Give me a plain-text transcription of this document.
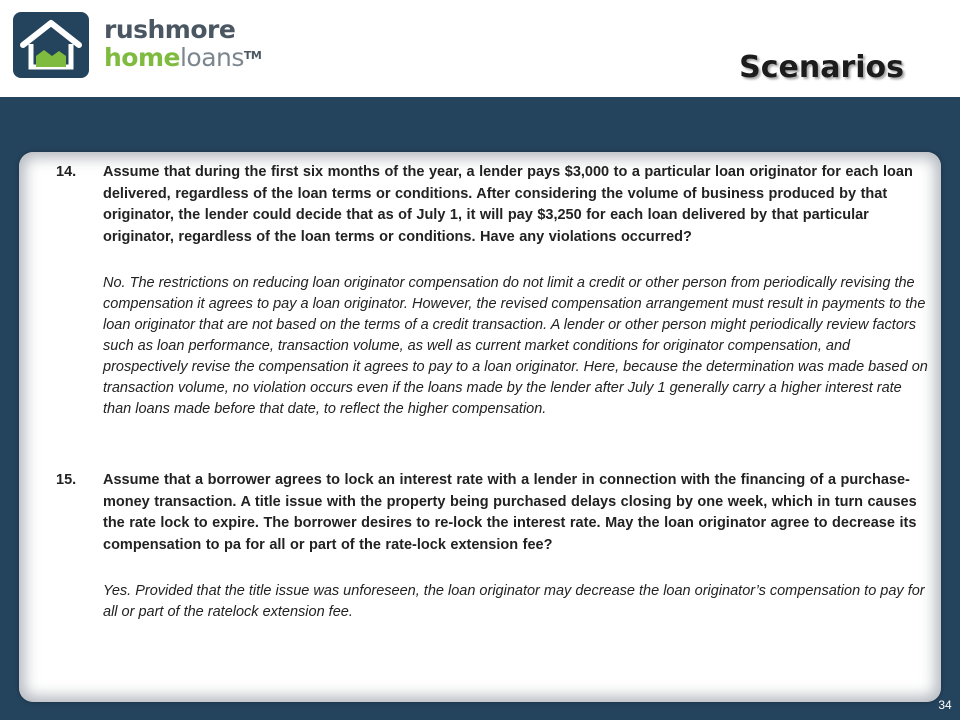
rushmore
homeloans™	Scenarios
14. Assume that during the first six months of the year, a lender pays $3,000 to a particular loan originator for each loan delivered, regardless of the loan terms or conditions. After considering the volume of business produced by that originator, the lender could decide that as of July 1, it will pay $3,250 for each loan delivered by that particular originator, regardless of the loan terms or conditions. Have any violations occurred?
No. The restrictions on reducing loan originator compensation do not limit a credit or other person from periodically revising the compensation it agrees to pay a loan originator. However, the revised compensation arrangement must result in payments to the loan originator that are not based on the terms of a credit transaction. A lender or other person might periodically review factors such as loan performance, transaction volume, as well as current market conditions for originator compensation, and prospectively revise the compensation it agrees to pay to a loan originator. Here, because the determination was made based on transaction volume, no violation occurs even if the loans made by the lender after July 1 generally carry a higher interest rate than loans made before that date, to reflect the higher compensation.
15. Assume that a borrower agrees to lock an interest rate with a lender in connection with the financing of a purchase-money transaction. A title issue with the property being purchased delays closing by one week, which in turn causes the rate lock to expire. The borrower desires to re-lock the interest rate. May the loan originator agree to decrease its compensation to pa for all or part of the rate-lock extension fee?
Yes. Provided that the title issue was unforeseen, the loan originator may decrease the loan originator’s compensation to pay for all or part of the ratelock extension fee.
34
